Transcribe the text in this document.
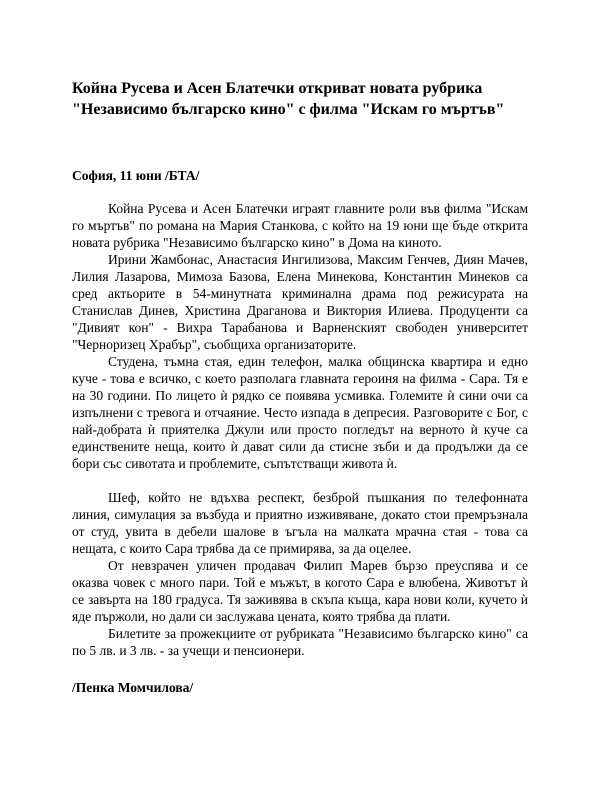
Койна Русева и Асен Блатечки откриват новата рубрика
"Независимо българско кино" с филма "Искам го мъртъв"

София, 11 юни /БТА/

Койна Русева и Асен Блатечки играят главните роли във филма "Искам го мъртъв" по романа на Мария Станкова, с който на 19 юни ще бъде открита новата рубрика "Независимо българско кино" в Дома на киното.

Ирини Жамбонас, Анастасия Ингилизова, Максим Генчев, Диян Мачев, Лилия Лазарова, Мимоза Базова, Елена Минекова, Константин Минеков са сред актьорите в 54-минутната криминална драма под режисурата на Станислав Динев, Христина Драганова и Виктория Илиева. Продуценти са "Дивият кон" - Вихра Тарабанова и Варненският свободен университет "Черноризец Храбър", съобщиха организаторите.

Студена, тъмна стая, един телефон, малка общинска квартира и едно куче - това е всичко, с което разполага главната героиня на филма - Сара. Тя е на 30 години. По лицето ѝ рядко се появява усмивка. Големите ѝ сини очи са изпълнени с тревога и отчаяние. Често изпада в депресия. Разговорите с Бог, с най-добрата ѝ приятелка Джули или просто погледът на верното ѝ куче са единствените неща, които ѝ дават сили да стисне зъби и да продължи да се бори със сивотата и проблемите, съпътстващи живота ѝ.

Шеф, който не вдъхва респект, безброй пъшкания по телефонната линия, симулация за възбуда и приятно изживяване, докато стои премръзнала от студ, увита в дебели шалове в ъгъла на малката мрачна стая - това са нещата, с които Сара трябва да се примирява, за да оцелее.

От невзрачен уличен продавач Филип Марев бързо преуспява и се оказва човек с много пари. Той е мъжът, в когото Сара е влюбена. Животът ѝ се завърта на 180 градуса. Тя заживява в скъпа къща, кара нови коли, кучето ѝ яде пържоли, но дали си заслужава цената, която трябва да плати.

Билетите за прожекциите от рубриката "Независимо българско кино" са по 5 лв. и 3 лв. - за учещи и пенсионери.

/Пенка Момчилова/
